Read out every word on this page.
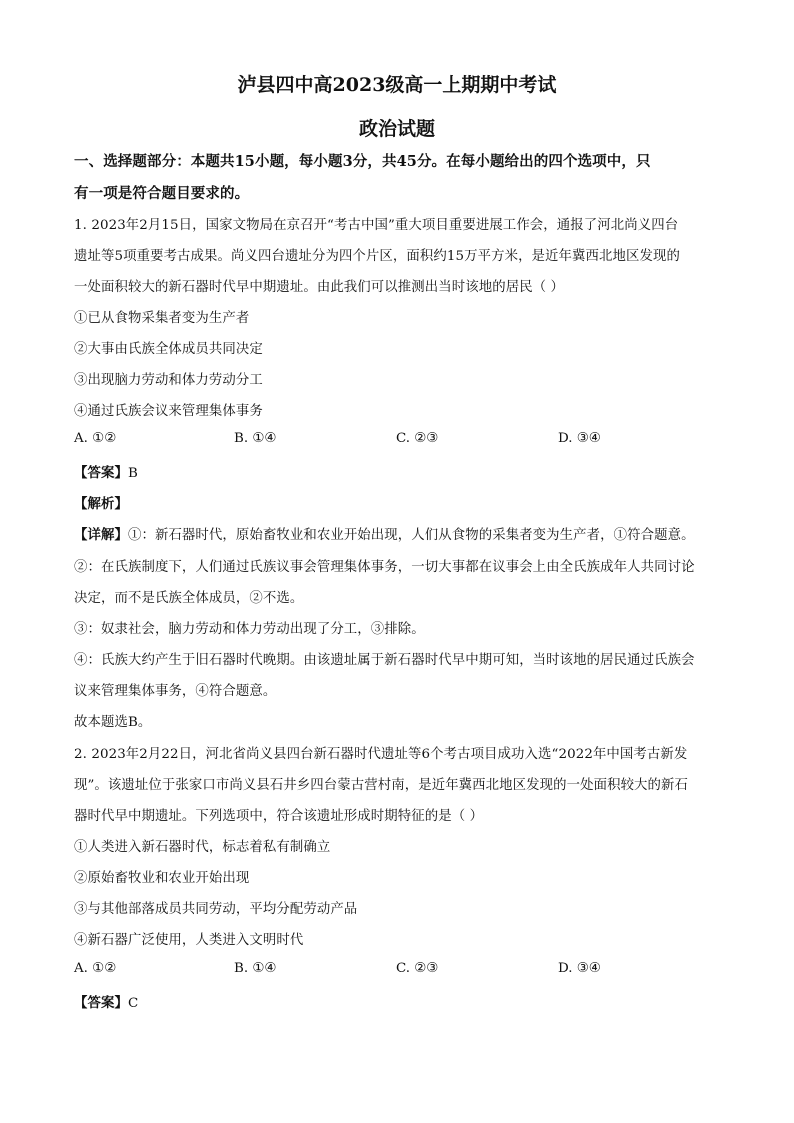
泸县四中高2023级高一上期期中考试
政治试题
一、选择题部分：本题共15小题，每小题3分，共45分。在每小题给出的四个选项中，只
有一项是符合题目要求的。
1. 2023年2月15日，国家文物局在京召开“考古中国”重大项目重要进展工作会，通报了河北尚义四台
遗址等5项重要考古成果。尚义四台遗址分为四个片区，面积约15万平方米，是近年冀西北地区发现的
一处面积较大的新石器时代早中期遗址。由此我们可以推测出当时该地的居民（ ）
①已从食物采集者变为生产者
②大事由氏族全体成员共同决定
③出现脑力劳动和体力劳动分工
④通过氏族会议来管理集体事务
A. ①②	B. ①④	C. ②③	D. ③④
【答案】B
【解析】
【详解】①：新石器时代，原始畜牧业和农业开始出现，人们从食物的采集者变为生产者，①符合题意。
②：在氏族制度下，人们通过氏族议事会管理集体事务，一切大事都在议事会上由全氏族成年人共同讨论
决定，而不是氏族全体成员，②不选。
③：奴隶社会，脑力劳动和体力劳动出现了分工，③排除。
④：氏族大约产生于旧石器时代晚期。由该遗址属于新石器时代早中期可知，当时该地的居民通过氏族会
议来管理集体事务，④符合题意。
故本题选B。
2. 2023年2月22日，河北省尚义县四台新石器时代遗址等6个考古项目成功入选“2022年中国考古新发
现”。该遗址位于张家口市尚义县石井乡四台蒙古营村南，是近年冀西北地区发现的一处面积较大的新石
器时代早中期遗址。下列选项中，符合该遗址形成时期特征的是（ ）
①人类进入新石器时代，标志着私有制确立
②原始畜牧业和农业开始出现
③与其他部落成员共同劳动，平均分配劳动产品
④新石器广泛使用，人类进入文明时代
A. ①②	B. ①④	C. ②③	D. ③④
【答案】C
